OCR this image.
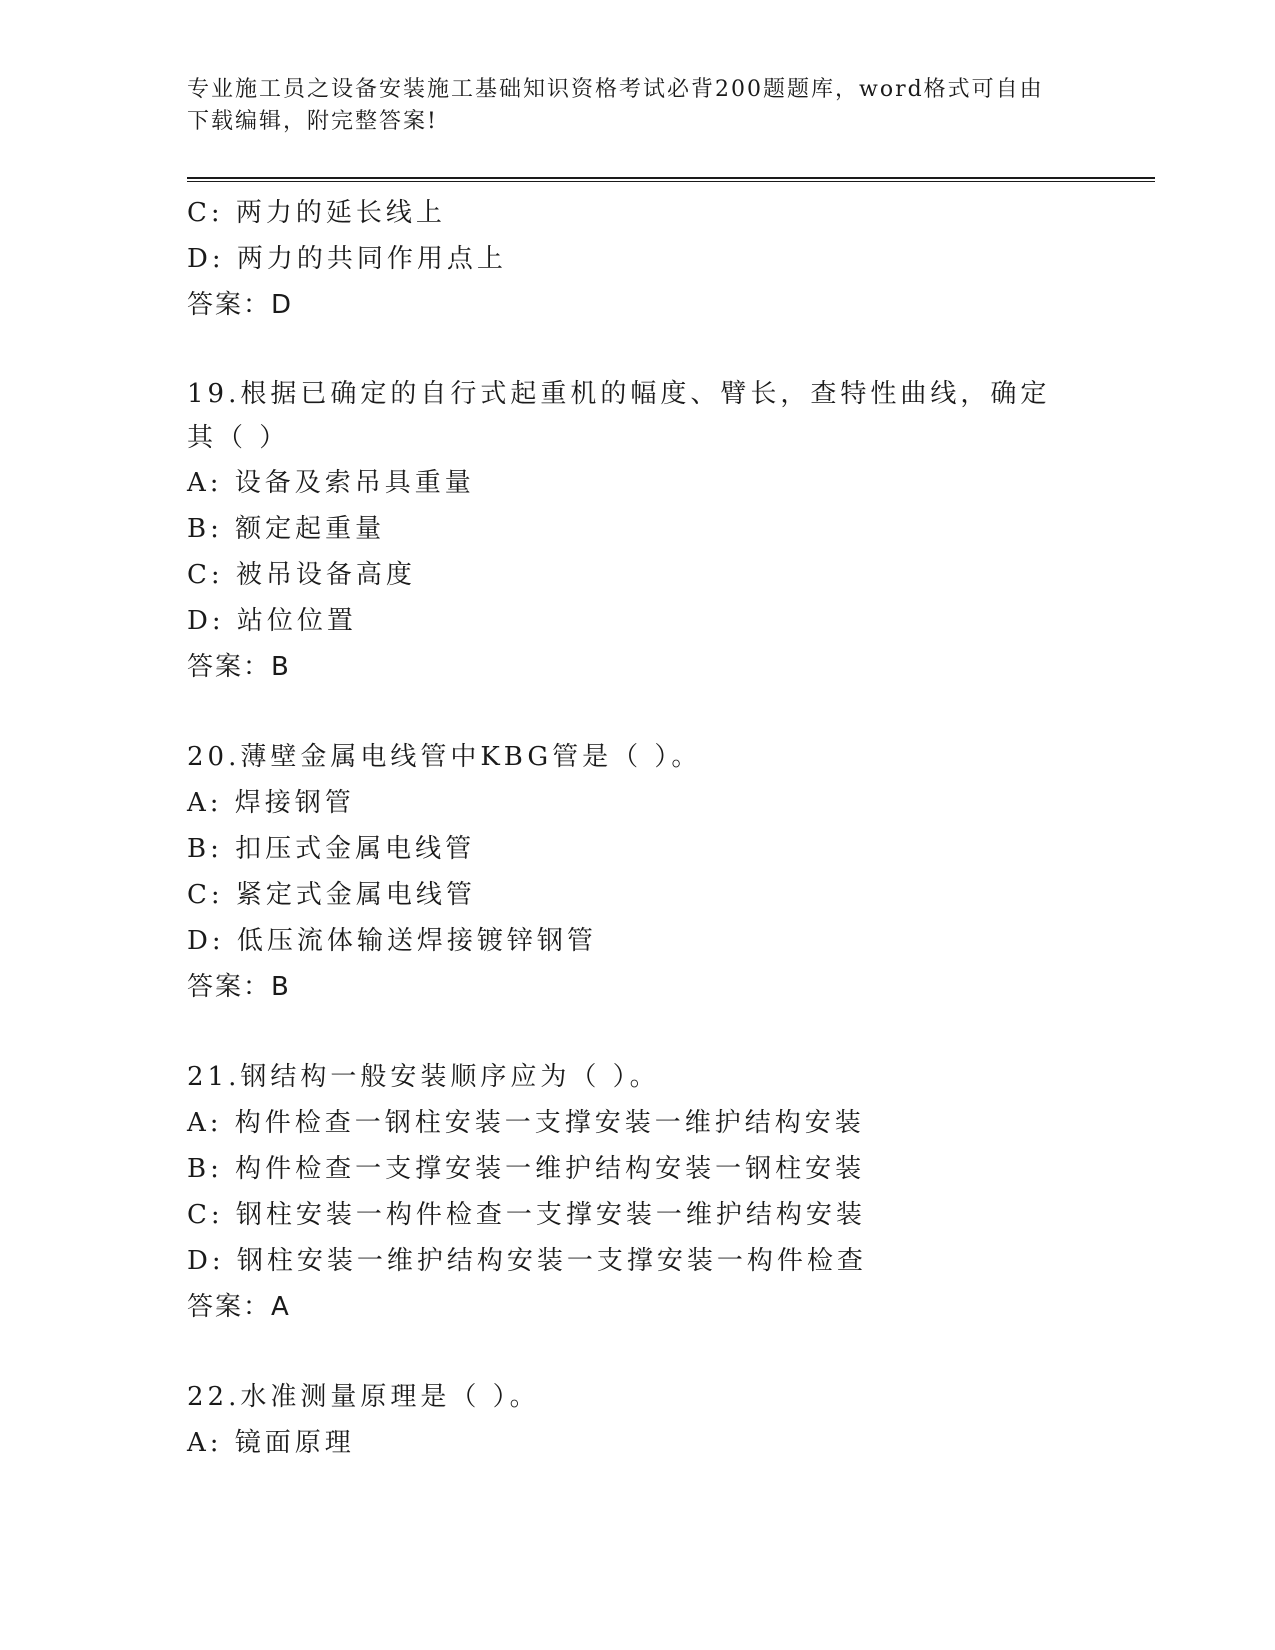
专业施工员之设备安装施工基础知识资格考试必背200题题库，word格式可自由下载编辑，附完整答案!
C: 两力的延长线上
D: 两力的共同作用点上
答案：D
19.根据已确定的自行式起重机的幅度、臂长，查特性曲线，确定其（ ）
A: 设备及索吊具重量
B: 额定起重量
C: 被吊设备高度
D: 站位位置
答案：B
20.薄壁金属电线管中KBG管是（ ）。
A: 焊接钢管
B: 扣压式金属电线管
C: 紧定式金属电线管
D: 低压流体输送焊接镀锌钢管
答案：B
21.钢结构一般安装顺序应为（ ）。
A: 构件检查一钢柱安装一支撑安装一维护结构安装
B: 构件检查一支撑安装一维护结构安装一钢柱安装
C: 钢柱安装一构件检查一支撑安装一维护结构安装
D: 钢柱安装一维护结构安装一支撑安装一构件检查
答案：A
22.水准测量原理是（ ）。
A: 镜面原理
